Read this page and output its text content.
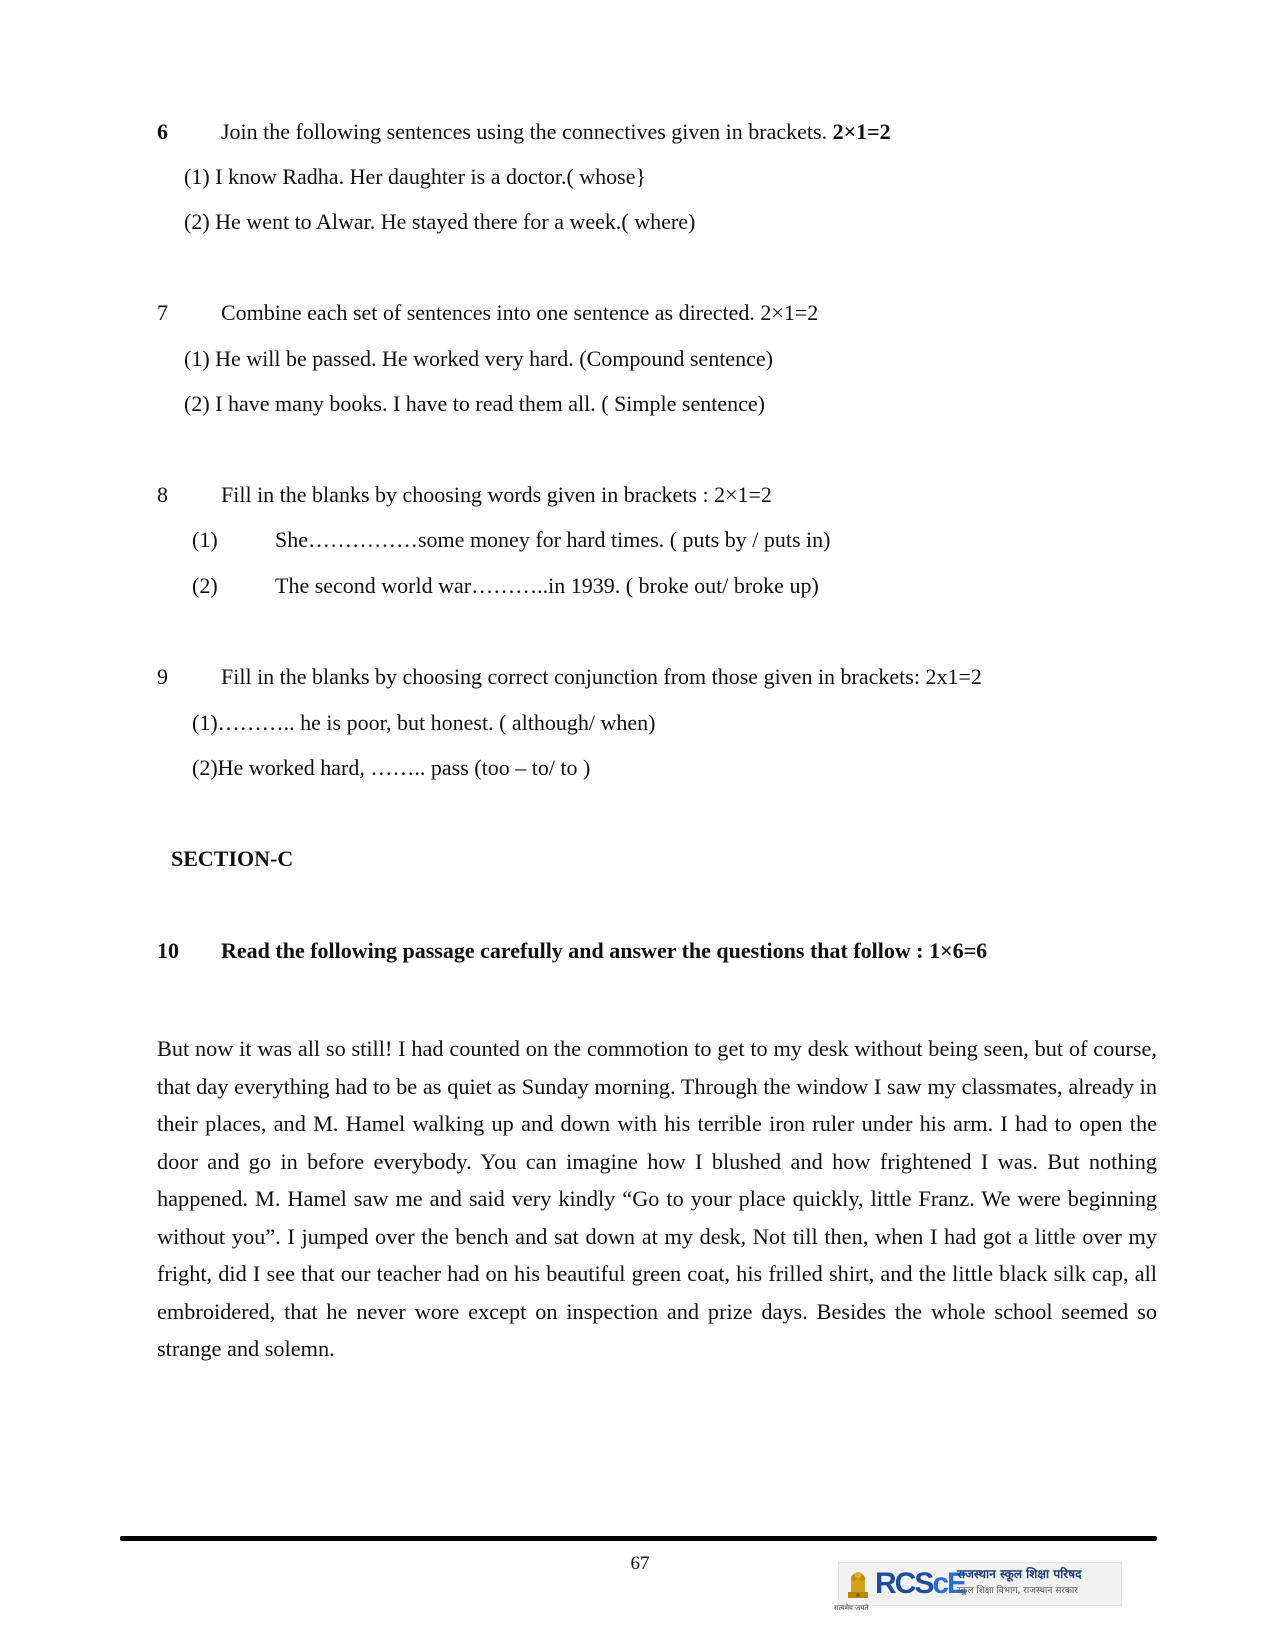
6 Join the following sentences using the connectives given in brackets. 2×1=2
(1) I know Radha. Her daughter is a doctor.( whose}
(2) He went to Alwar. He stayed there for a week.( where)
7 Combine each set of sentences into one sentence as directed. 2×1=2
(1) He will be passed. He worked very hard. (Compound sentence)
(2) I have many books. I have to read them all. ( Simple sentence)
8 Fill in the blanks by choosing words given in brackets : 2×1=2
(1)	She……………some money for hard times. ( puts by / puts in)
(2)	The second world war………..in 1939. ( broke out/ broke up)
9 Fill in the blanks by choosing correct conjunction from those given in brackets: 2x1=2
(1)……….. he is poor, but honest. ( although/ when)
(2)He worked hard, …….. pass (too – to/ to )
SECTION-C
10 Read the following passage carefully and answer the questions that follow : 1×6=6
But now it was all so still! I had counted on the commotion to get to my desk without being seen, but of course, that day everything had to be as quiet as Sunday morning. Through the window I saw my classmates, already in their places, and M. Hamel walking up and down with his terrible iron ruler under his arm. I had to open the door and go in before everybody. You can imagine how I blushed and how frightened I was. But nothing happened. M. Hamel saw me and said very kindly “Go to your place quickly, little Franz. We were beginning without you”. I jumped over the bench and sat down at my desk, Not till then, when I had got a little over my fright, did I see that our teacher had on his beautiful green coat, his frilled shirt, and the little black silk cap, all embroidered, that he never wore except on inspection and prize days. Besides the whole school seemed so strange and solemn.
67
RCScE
राजस्थान स्कूल शिक्षा परिषद
स्कूल शिक्षा विभाग, राजस्थान सरकार
सत्यमेव जयते
